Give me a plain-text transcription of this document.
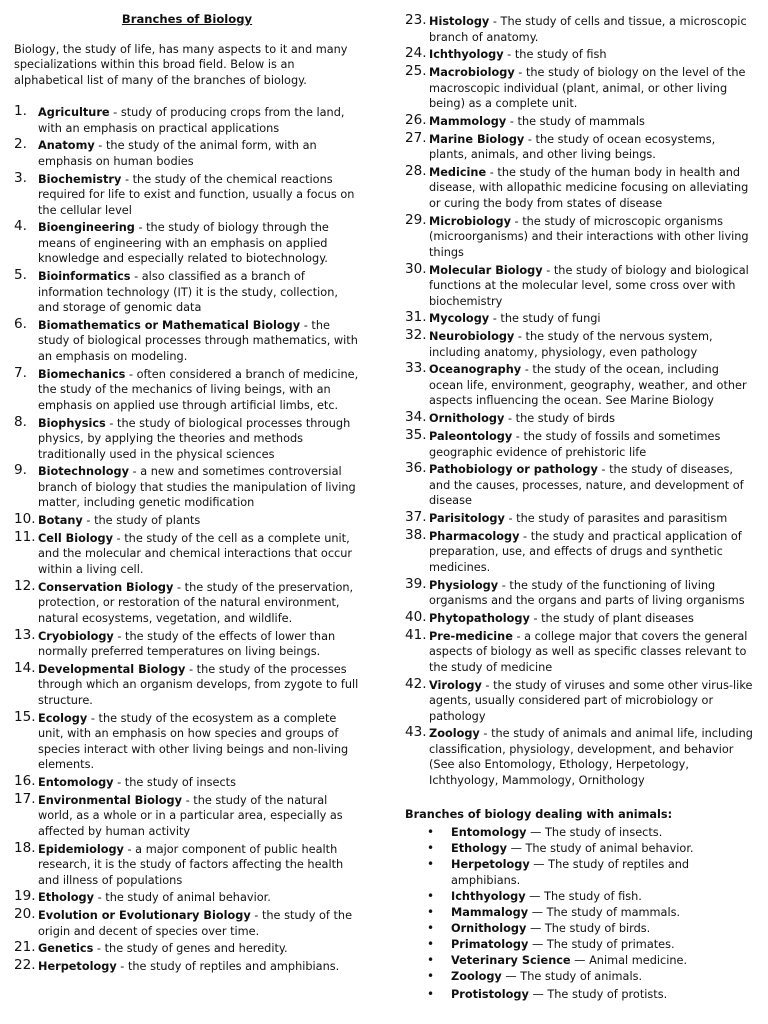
Branches of Biology
Biology, the study of life, has many aspects to it and many specializations within this broad field. Below is an alphabetical list of many of the branches of biology.
1. Agriculture - study of producing crops from the land, with an emphasis on practical applications
2. Anatomy - the study of the animal form, with an emphasis on human bodies
3. Biochemistry - the study of the chemical reactions required for life to exist and function, usually a focus on the cellular level
4. Bioengineering - the study of biology through the means of engineering with an emphasis on applied knowledge and especially related to biotechnology.
5. Bioinformatics - also classified as a branch of information technology (IT) it is the study, collection, and storage of genomic data
6. Biomathematics or Mathematical Biology - the study of biological processes through mathematics, with an emphasis on modeling.
7. Biomechanics - often considered a branch of medicine, the study of the mechanics of living beings, with an emphasis on applied use through artificial limbs, etc.
8. Biophysics - the study of biological processes through physics, by applying the theories and methods traditionally used in the physical sciences
9. Biotechnology - a new and sometimes controversial branch of biology that studies the manipulation of living matter, including genetic modification
10. Botany - the study of plants
11. Cell Biology - the study of the cell as a complete unit, and the molecular and chemical interactions that occur within a living cell.
12. Conservation Biology - the study of the preservation, protection, or restoration of the natural environment, natural ecosystems, vegetation, and wildlife.
13. Cryobiology - the study of the effects of lower than normally preferred temperatures on living beings.
14. Developmental Biology - the study of the processes through which an organism develops, from zygote to full structure.
15. Ecology - the study of the ecosystem as a complete unit, with an emphasis on how species and groups of species interact with other living beings and non-living elements.
16. Entomology - the study of insects
17. Environmental Biology - the study of the natural world, as a whole or in a particular area, especially as affected by human activity
18. Epidemiology - a major component of public health research, it is the study of factors affecting the health and illness of populations
19. Ethology - the study of animal behavior.
20. Evolution or Evolutionary Biology - the study of the origin and decent of species over time.
21. Genetics - the study of genes and heredity.
22. Herpetology - the study of reptiles and amphibians.
23. Histology - The study of cells and tissue, a microscopic branch of anatomy.
24. Ichthyology - the study of fish
25. Macrobiology - the study of biology on the level of the macroscopic individual (plant, animal, or other living being) as a complete unit.
26. Mammology - the study of mammals
27. Marine Biology - the study of ocean ecosystems, plants, animals, and other living beings.
28. Medicine - the study of the human body in health and disease, with allopathic medicine focusing on alleviating or curing the body from states of disease
29. Microbiology - the study of microscopic organisms (microorganisms) and their interactions with other living things
30. Molecular Biology - the study of biology and biological functions at the molecular level, some cross over with biochemistry
31. Mycology - the study of fungi
32. Neurobiology - the study of the nervous system, including anatomy, physiology, even pathology
33. Oceanography - the study of the ocean, including ocean life, environment, geography, weather, and other aspects influencing the ocean. See Marine Biology
34. Ornithology - the study of birds
35. Paleontology - the study of fossils and sometimes geographic evidence of prehistoric life
36. Pathobiology or pathology - the study of diseases, and the causes, processes, nature, and development of disease
37. Parisitology - the study of parasites and parasitism
38. Pharmacology - the study and practical application of preparation, use, and effects of drugs and synthetic medicines.
39. Physiology - the study of the functioning of living organisms and the organs and parts of living organisms
40. Phytopathology - the study of plant diseases
41. Pre-medicine - a college major that covers the general aspects of biology as well as specific classes relevant to the study of medicine
42. Virology - the study of viruses and some other virus-like agents, usually considered part of microbiology or pathology
43. Zoology - the study of animals and animal life, including classification, physiology, development, and behavior (See also Entomology, Ethology, Herpetology, Ichthyology, Mammology, Ornithology
Branches of biology dealing with animals:
• Entomology — The study of insects.
• Ethology — The study of animal behavior.
• Herpetology — The study of reptiles and amphibians.
• Ichthyology — The study of fish.
• Mammalogy — The study of mammals.
• Ornithology — The study of birds.
• Primatology — The study of primates.
• Veterinary Science — Animal medicine.
• Zoology — The study of animals.
• Protistology — The study of protists.
